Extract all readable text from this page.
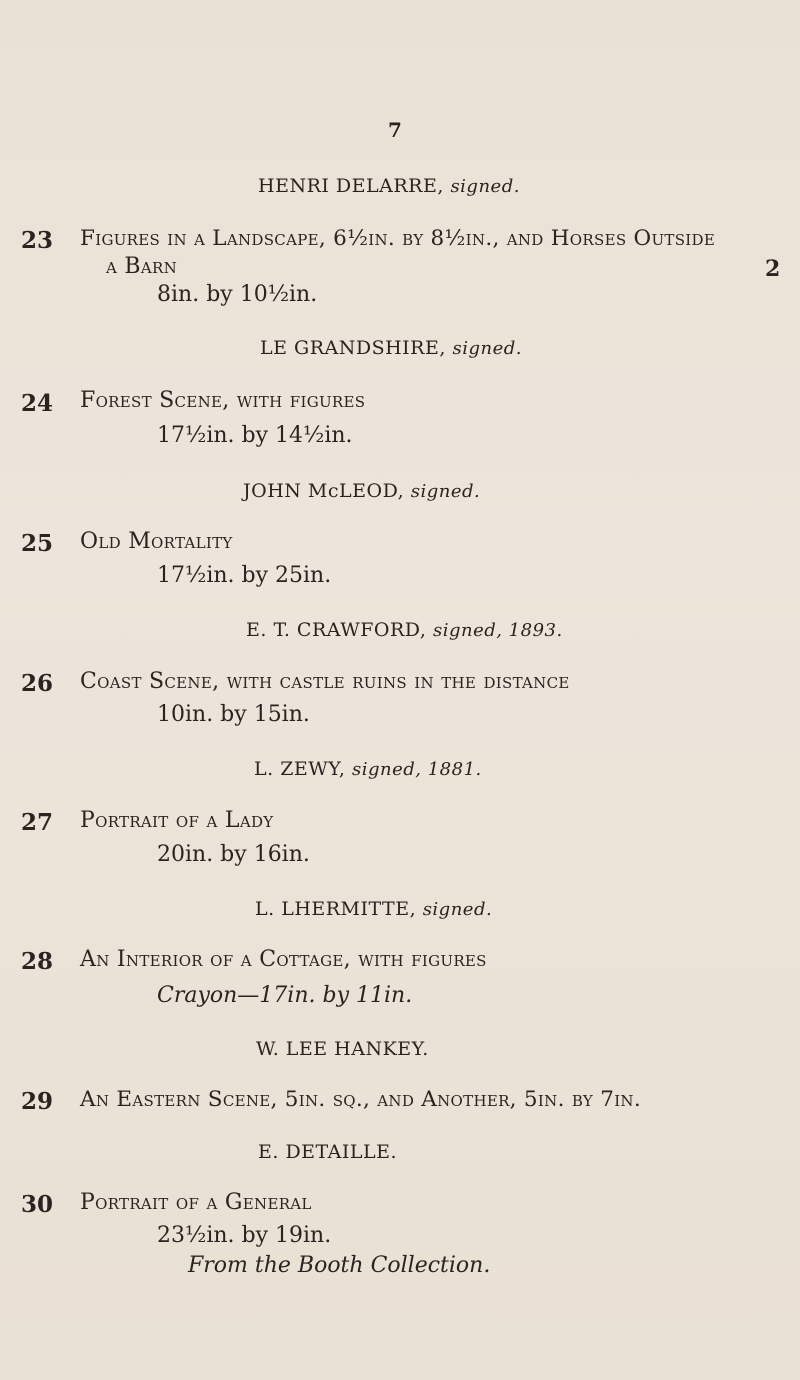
7
HENRI DELARRE, signed.
23 Figures in a Landscape, 6½in. by 8½in., and Horses Outside
a Barn	2
8in. by 10½in.
LE GRANDSHIRE, signed.
24 Forest Scene, with figures
17½in. by 14½in.
JOHN McLEOD, signed.
25 Old Mortality
17½in. by 25in.
E. T. CRAWFORD, signed, 1893.
26 Coast Scene, with castle ruins in the distance
10in. by 15in.
L. ZEWY, signed, 1881.
27 Portrait of a Lady
20in. by 16in.
L. LHERMITTE, signed.
28 An Interior of a Cottage, with figures
Crayon—17in. by 11in.
W. LEE HANKEY.
29 An Eastern Scene, 5in. sq., and Another, 5in. by 7in.
E. DETAILLE.
30 Portrait of a General
23½in. by 19in.
From the Booth Collection.
